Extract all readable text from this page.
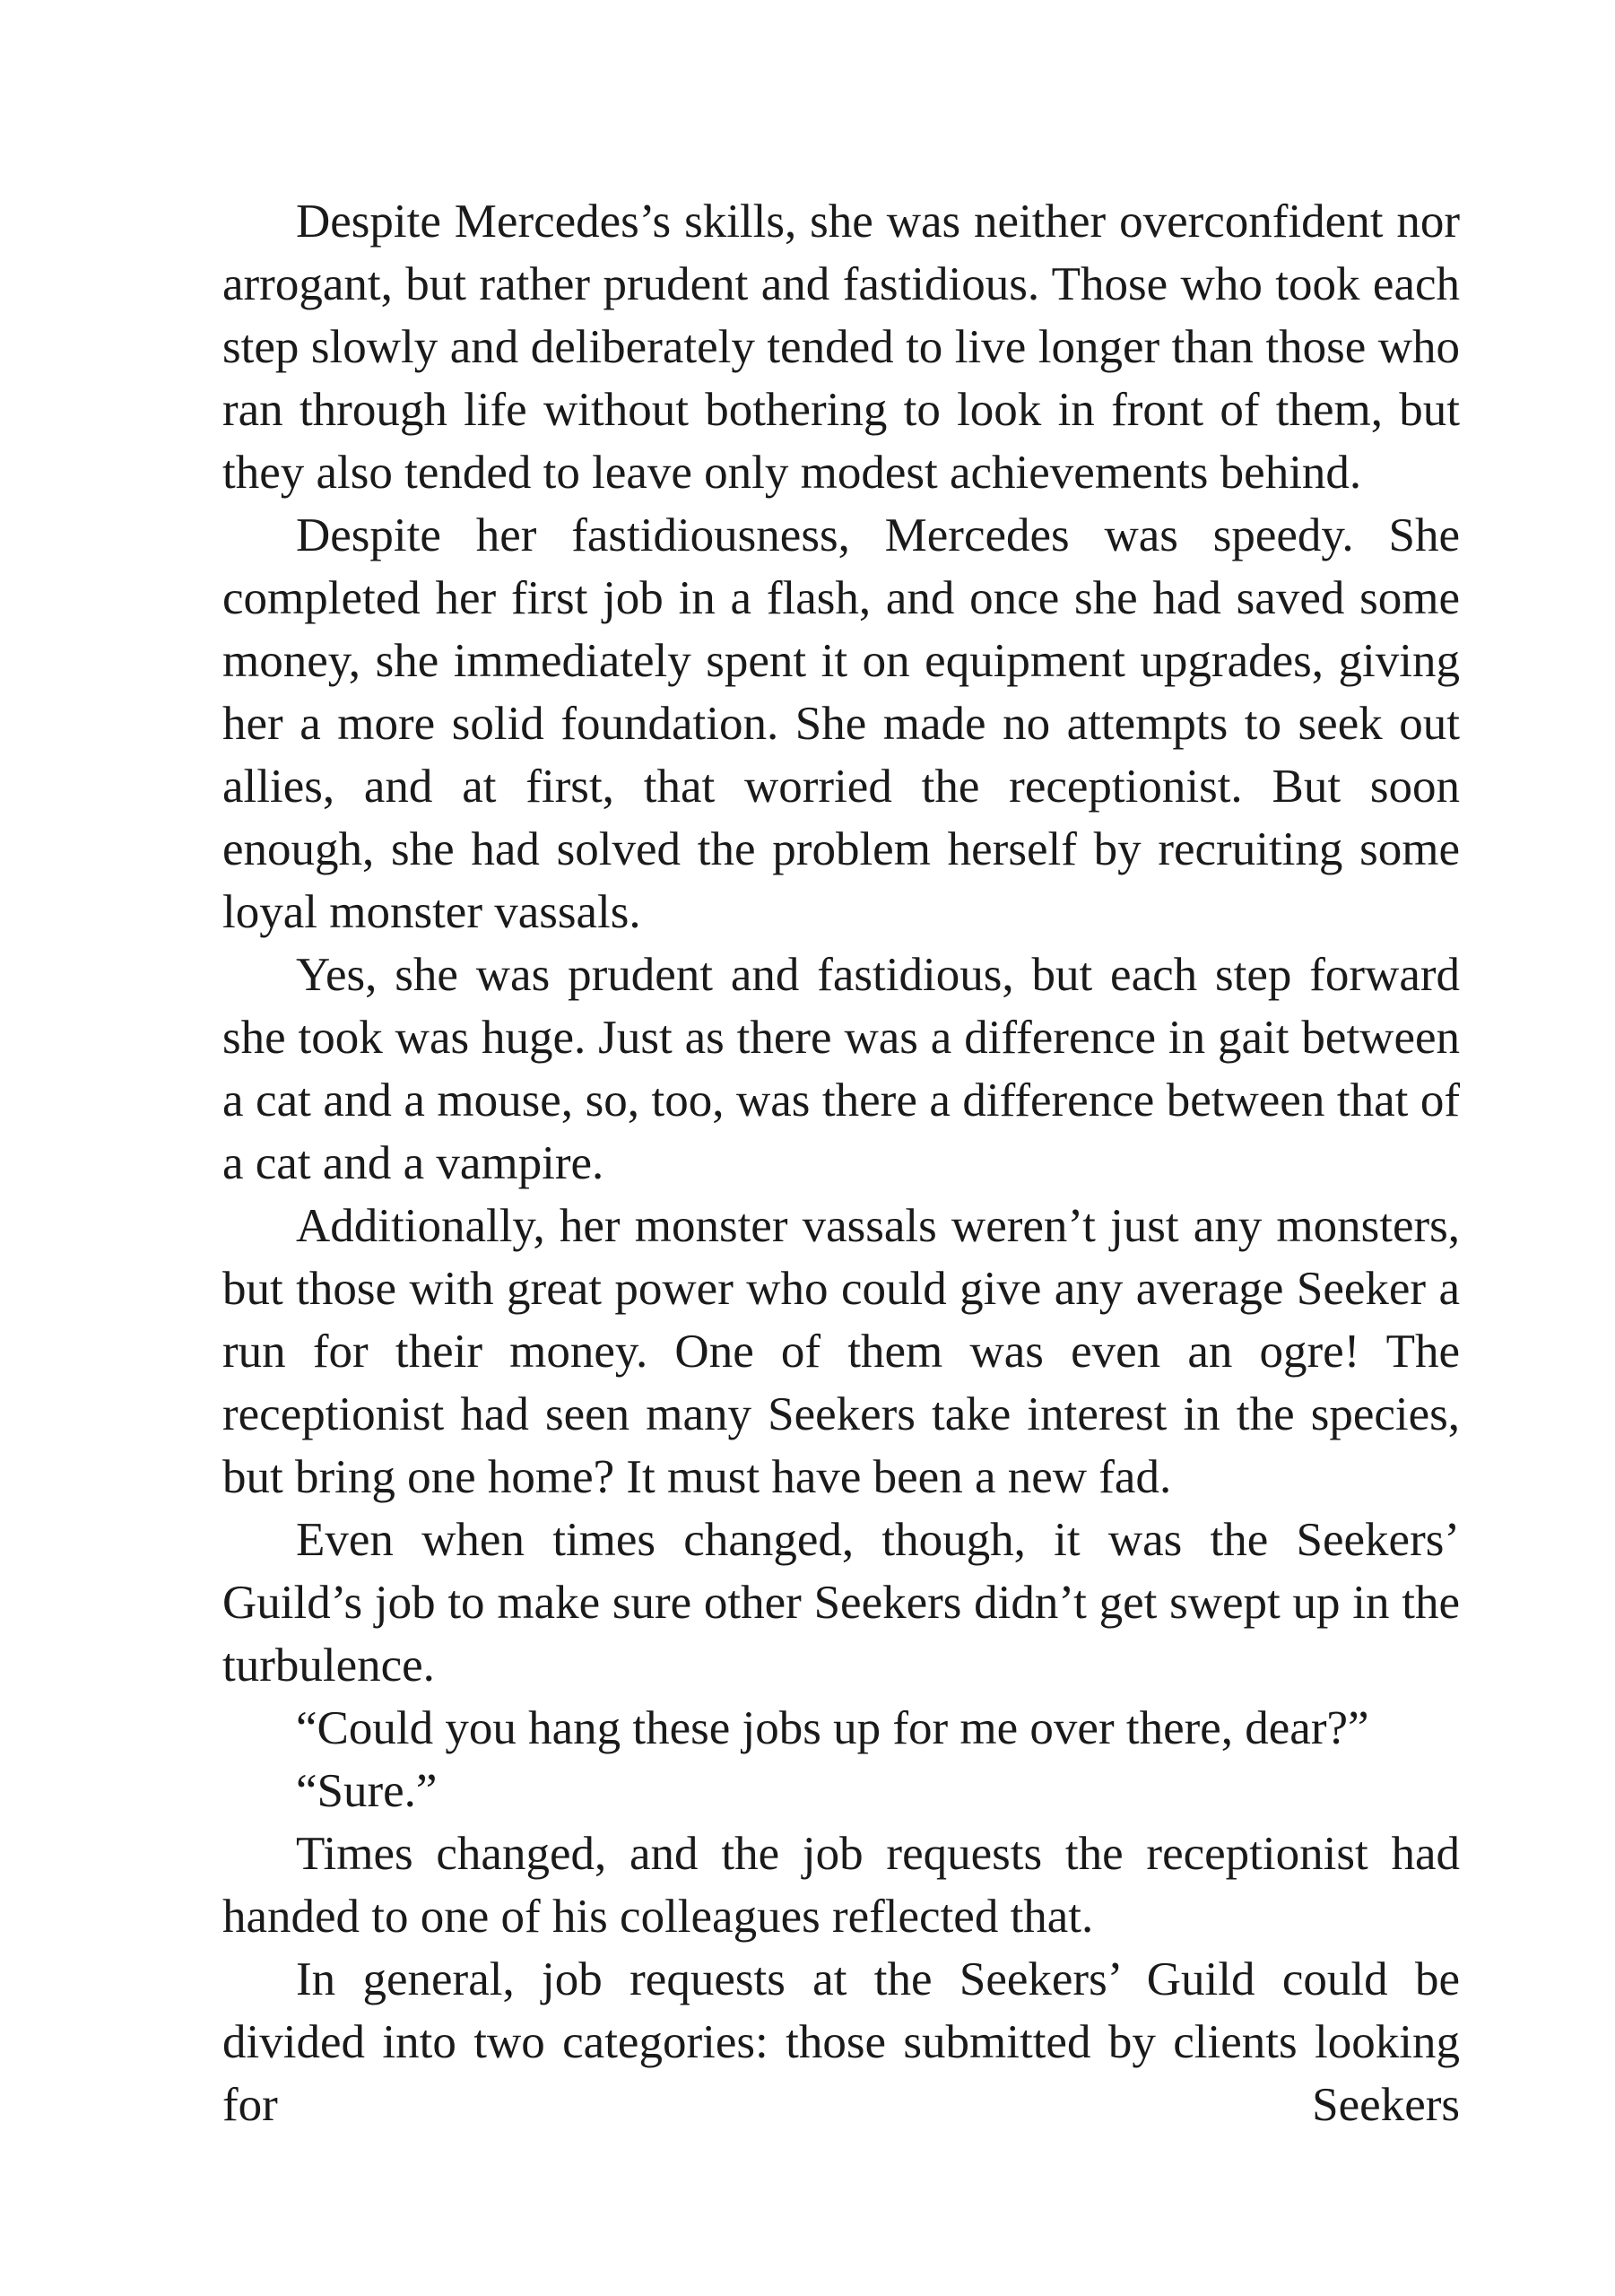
Despite Mercedes’s skills, she was neither overconfident nor arrogant, but rather prudent and fastidious. Those who took each step slowly and deliberately tended to live longer than those who ran through life without bothering to look in front of them, but they also tended to leave only modest achievements behind.

Despite her fastidiousness, Mercedes was speedy. She completed her first job in a flash, and once she had saved some money, she immediately spent it on equipment upgrades, giving her a more solid foundation. She made no attempts to seek out allies, and at first, that worried the receptionist. But soon enough, she had solved the problem herself by recruiting some loyal monster vassals.

Yes, she was prudent and fastidious, but each step forward she took was huge. Just as there was a difference in gait between a cat and a mouse, so, too, was there a difference between that of a cat and a vampire.

Additionally, her monster vassals weren’t just any monsters, but those with great power who could give any average Seeker a run for their money. One of them was even an ogre! The receptionist had seen many Seekers take interest in the species, but bring one home? It must have been a new fad.

Even when times changed, though, it was the Seekers’ Guild’s job to make sure other Seekers didn’t get swept up in the turbulence.

“Could you hang these jobs up for me over there, dear?”

“Sure.”

Times changed, and the job requests the receptionist had handed to one of his colleagues reflected that.

In general, job requests at the Seekers’ Guild could be divided into two categories: those submitted by clients looking for Seekers
